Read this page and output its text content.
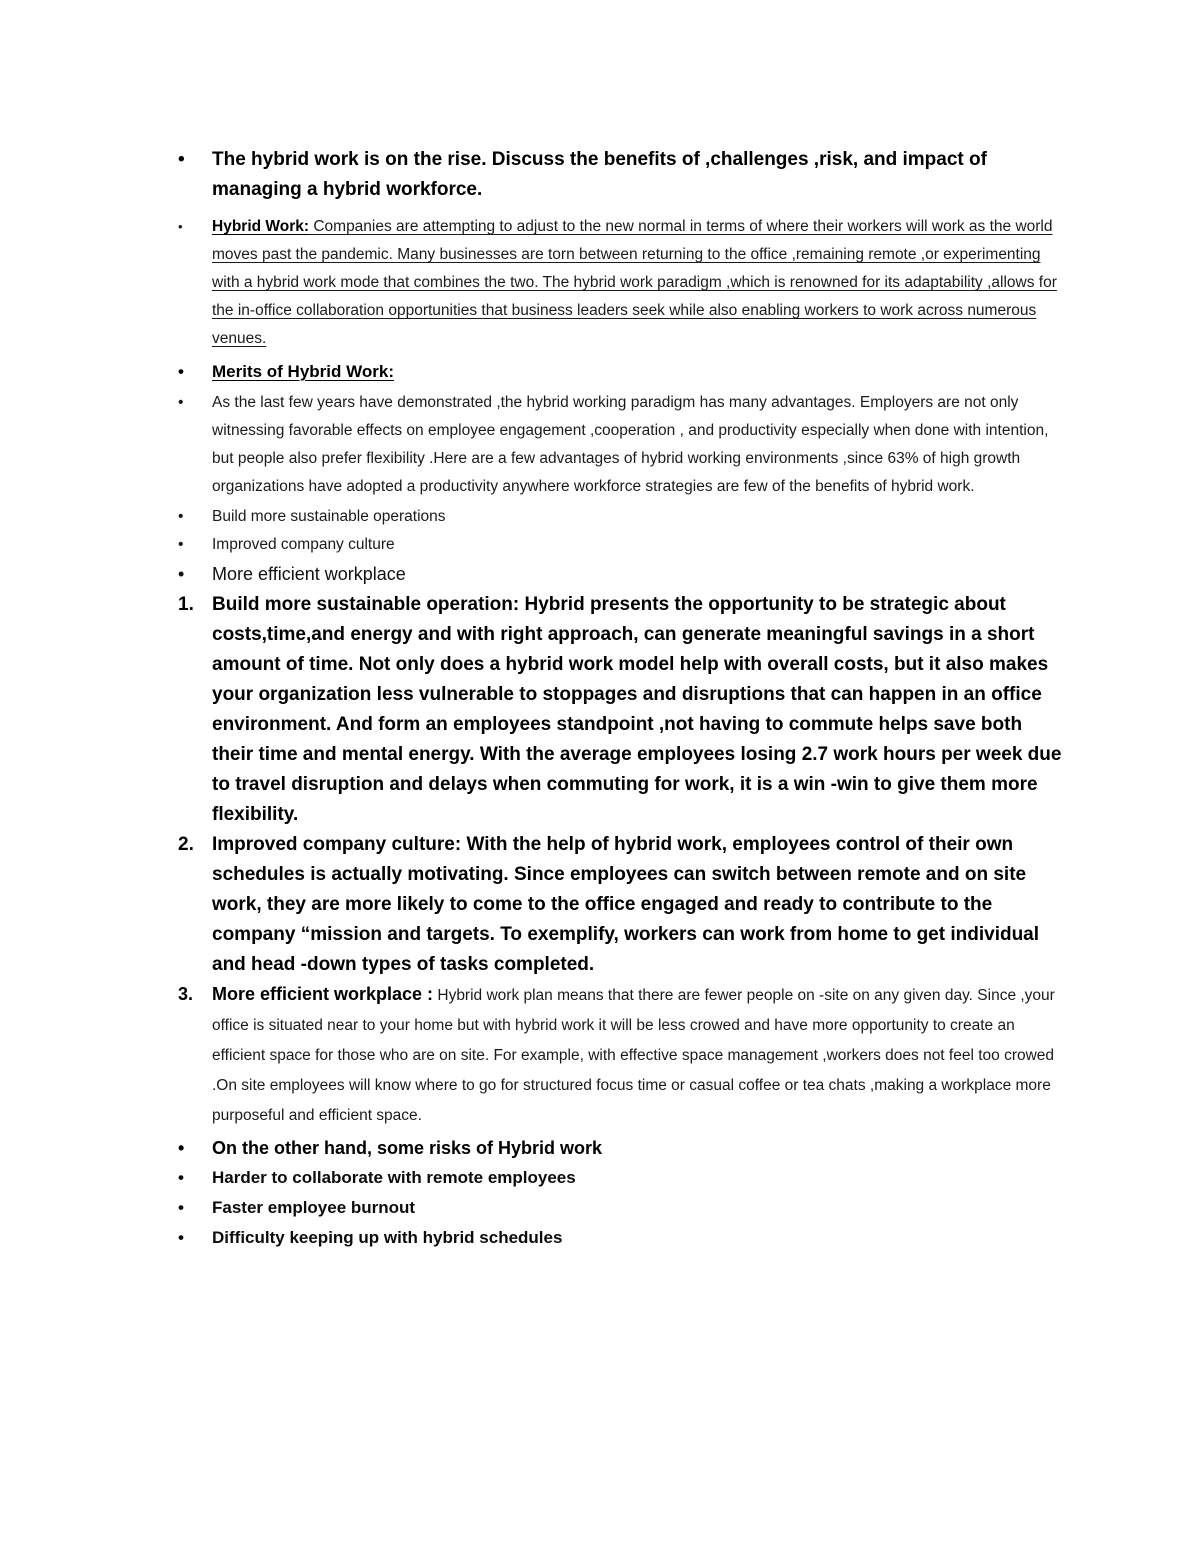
•	The hybrid work is on the rise. Discuss the benefits of ,challenges ,risk, and impact of managing a hybrid workforce.
•	Hybrid Work: Companies are attempting to adjust to the new normal in terms of where their workers will work as the world moves past the pandemic. Many businesses are torn between returning to the office ,remaining remote ,or experimenting with a hybrid work mode that combines the two. The hybrid work paradigm ,which is renowned for its adaptability ,allows for the in-office collaboration opportunities that business leaders seek while also enabling workers to work across numerous venues.
•	Merits of Hybrid Work:
•	As the last few years have demonstrated ,the hybrid working paradigm has many advantages. Employers are not only witnessing favorable effects on employee engagement ,cooperation , and productivity especially when done with intention, but people also prefer flexibility .Here are a few advantages of hybrid working environments ,since 63% of high growth organizations have adopted a productivity anywhere workforce strategies are few of the benefits of hybrid work.
•	Build more sustainable operations
•	Improved company culture
•	More efficient workplace
1. Build more sustainable operation: Hybrid presents the opportunity to be strategic about costs,time,and energy and with right approach, can generate meaningful savings in a short amount of time. Not only does a hybrid work model help with overall costs, but it also makes your organization less vulnerable to stoppages and disruptions that can happen in an office environment. And form an employees standpoint ,not having to commute helps save both their time and mental energy. With the average employees losing 2.7 work hours per week due to travel disruption and delays when commuting for work, it is a win -win to give them more flexibility.
2. Improved company culture: With the help of hybrid work, employees control of their own schedules is actually motivating. Since employees can switch between remote and on site work, they are more likely to come to the office engaged and ready to contribute to the company “mission and targets. To exemplify, workers can work from home to get individual and head -down types of tasks completed.
3.	More efficient workplace : Hybrid work plan means that there are fewer people on -site on any given day. Since ,your office is situated near to your home but with hybrid work it will be less crowed and have more opportunity to create an efficient space for those who are on site. For example, with effective space management ,workers does not feel too crowed .On site employees will know where to go for structured focus time or casual coffee or tea chats ,making a workplace more purposeful and efficient space.
•	On the other hand, some risks of Hybrid work
•	Harder to collaborate with remote employees
•	Faster employee burnout
•	Difficulty keeping up with hybrid schedules
